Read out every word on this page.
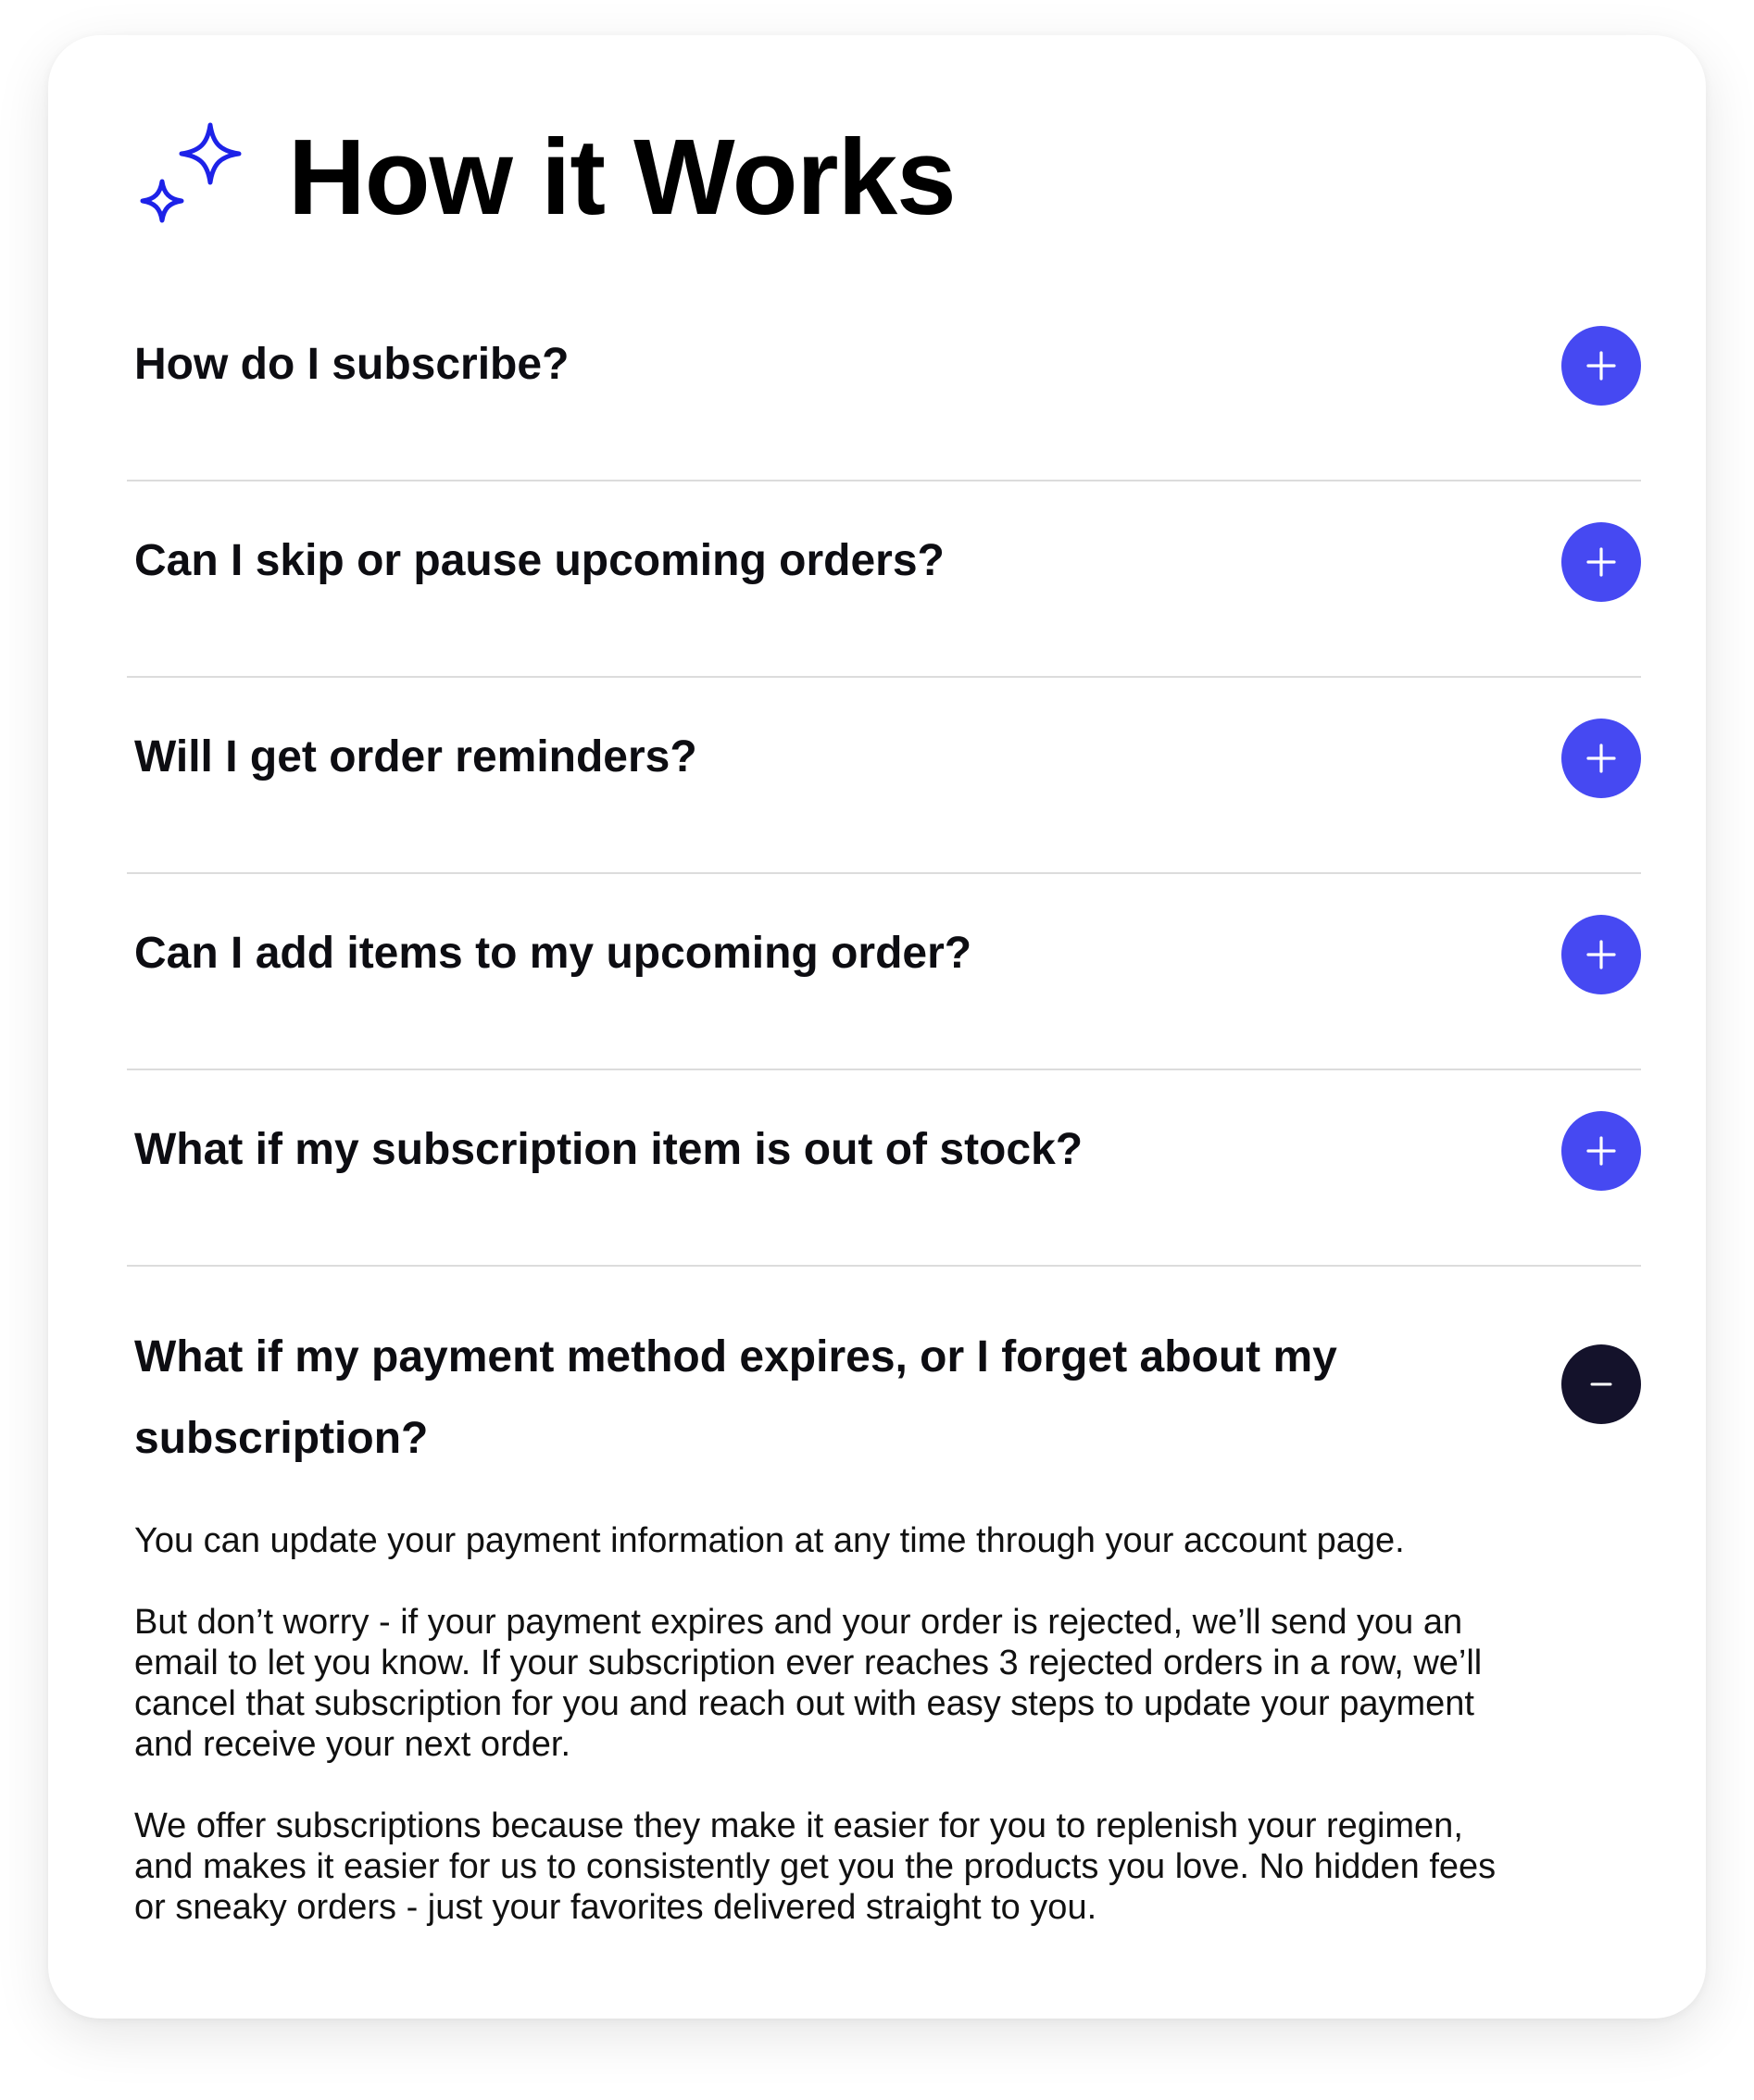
How it Works
How do I subscribe?
Can I skip or pause upcoming orders?
Will I get order reminders?
Can I add items to my upcoming order?
What if my subscription item is out of stock?
What if my payment method expires, or I forget about my subscription?

You can update your payment information at any time through your account page.

But don’t worry - if your payment expires and your order is rejected, we’ll send you an email to let you know. If your subscription ever reaches 3 rejected orders in a row, we’ll cancel that subscription for you and reach out with easy steps to update your payment and receive your next order.

We offer subscriptions because they make it easier for you to replenish your regimen, and makes it easier for us to consistently get you the products you love. No hidden fees or sneaky orders - just your favorites delivered straight to you.
